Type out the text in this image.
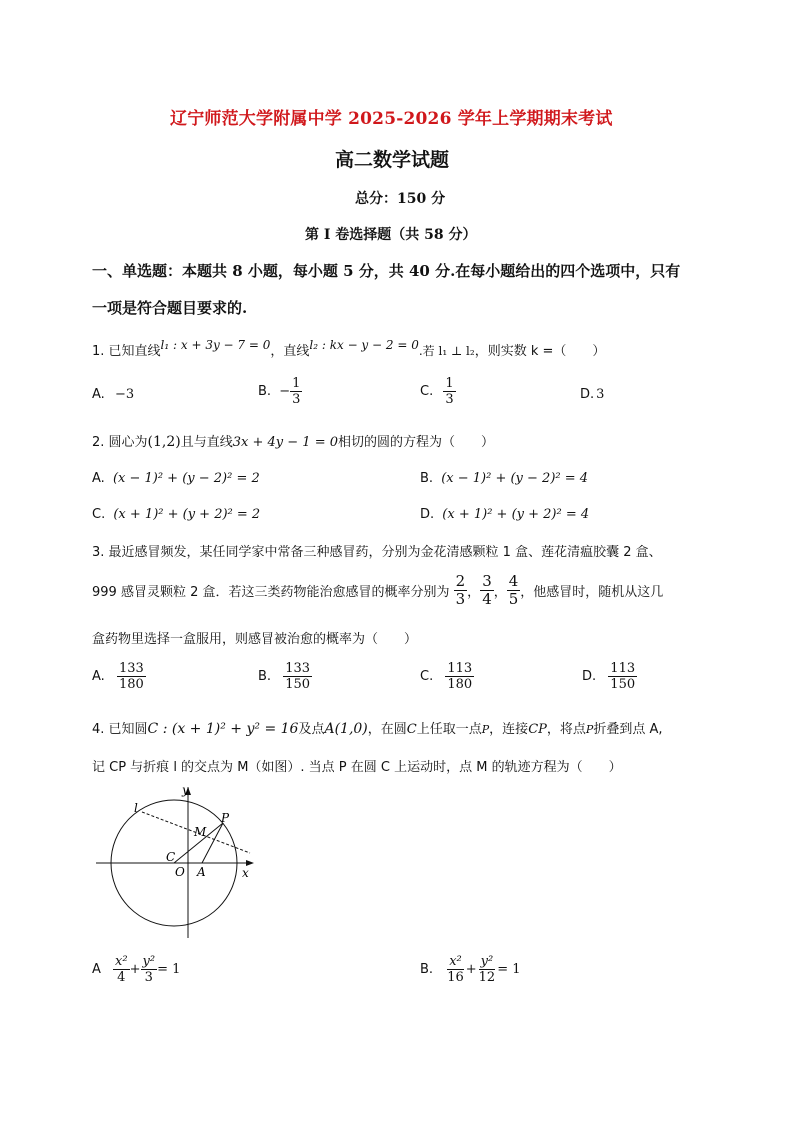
辽宁师范大学附属中学 2025-2026 学年上学期期末考试
高二数学试题
总分：150 分
第 I 卷选择题（共 58 分）
一、单选题：本题共 8 小题，每小题 5 分，共 40 分.在每小题给出的四个选项中，只有
一项是符合题目要求的.
1. 已知直线l₁ : x + 3y − 7 = 0，直线l₂ : kx − y − 2 = 0.若 l₁ ⊥ l₂，则实数 k =（　　）
A. −3	B. − $\frac{1}{3}$	C. $\frac{1}{3}$	D. 3
2. 圆心为(1,2)且与直线3x + 4y − 1 = 0相切的圆的方程为（　　）
A. (x − 1)² + (y − 2)² = 2	B. (x − 1)² + (y − 2)² = 4
C. (x + 1)² + (y + 2)² = 2	D. (x + 1)² + (y + 2)² = 4
3. 最近感冒频发，某任同学家中常备三种感冒药，分别为金花清感颗粒 1 盒、莲花清瘟胶囊 2 盒、
999 感冒灵颗粒 2 盒．若这三类药物能治愈感冒的概率分别为 $\frac{2}{3}$ ， $\frac{3}{4}$ ， $\frac{4}{5}$ ，他感冒时，随机从这几
盒药物里选择一盒服用，则感冒被治愈的概率为（　　）
A. $\frac{133}{180}$	B. $\frac{133}{150}$	C. $\frac{113}{180}$	D. $\frac{113}{150}$
4. 已知圆C : (x + 1)² + y² = 16及点A(1,0)，在圆C上任取一点P，连接CP，将点P折叠到点 A,
记 CP 与折痕 l 的交点为 M（如图）. 当点 P 在圆 C 上运动时，点 M 的轨迹方程为（　　）
y
x
l
P
M
C
O A
A $\frac{\text{x²}}{4} + \frac{\text{y²}}{3} = 1$	B. $\frac{\text{x²}}{16} + \frac{\text{y²}}{12} = 1$
